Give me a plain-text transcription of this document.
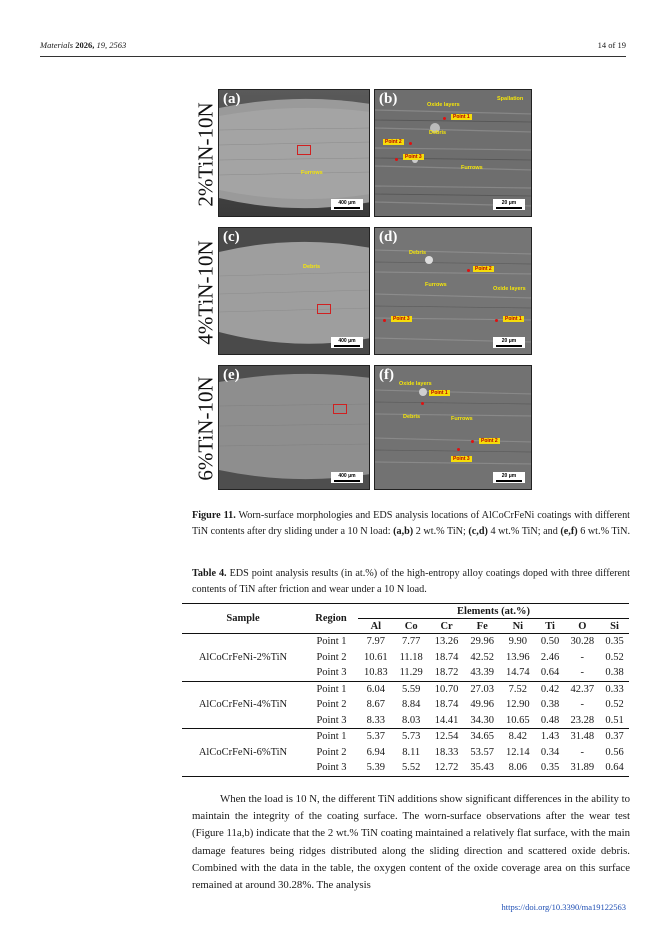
Materials 2026, 19, 2563	14 of 19
2%TiN-10N
4%TiN-10N
6%TiN-10N
(a)
Furrows
400 μm
(b)	Oxide layers
Spallation
Debris
Furrows
Point 1
Point 2
Point 3
20 μm
(c)
Debris
400 μm
(d)
Debris
Furrows
Oxide layers
Point 2
Point 3	Point 1
20 μm
(e)
400 μm
(f)
Oxide layers
Debris	Furrows
Point 1
Point 2
Point 3
20 μm
Figure 11. Worn-surface morphologies and EDS analysis locations of AlCoCrFeNi coatings with different TiN contents after dry sliding under a 10 N load: (a,b) 2 wt.% TiN; (c,d) 4 wt.% TiN; and (e,f) 6 wt.% TiN.
Table 4. EDS point analysis results (in at.%) of the high-entropy alloy coatings doped with three different contents of TiN after friction and wear under a 10 N load.
Sample	Region	Elements (at.%)							
		Al	Co	Cr	Fe	Ni	Ti	O	Si
AlCoCrFeNi-2%TiN	Point 1	7.97	7.77	13.26	29.96	9.90	0.50	30.28	0.35
	Point 2	10.61	11.18	18.74	42.52	13.96	2.46	-	0.52
	Point 3	10.83	11.29	18.72	43.39	14.74	0.64	-	0.38
AlCoCrFeNi-4%TiN	Point 1	6.04	5.59	10.70	27.03	7.52	0.42	42.37	0.33
	Point 2	8.67	8.84	18.74	49.96	12.90	0.38	-	0.52
	Point 3	8.33	8.03	14.41	34.30	10.65	0.48	23.28	0.51
AlCoCrFeNi-6%TiN	Point 1	5.37	5.73	12.54	34.65	8.42	1.43	31.48	0.37
	Point 2	6.94	8.11	18.33	53.57	12.14	0.34	-	0.56
	Point 3	5.39	5.52	12.72	35.43	8.06	0.35	31.89	0.64
When the load is 10 N, the different TiN additions show significant differences in the ability to maintain the integrity of the coating surface. The worn-surface observations after the wear test (Figure 11a,b) indicate that the 2 wt.% TiN coating maintained a relatively flat surface, with the main damage features being ridges distributed along the sliding direction and scattered oxide debris. Combined with the data in the table, the oxygen content of the oxide coverage area on this surface remained at around 30.28%. The analysis
https://doi.org/10.3390/ma19122563
